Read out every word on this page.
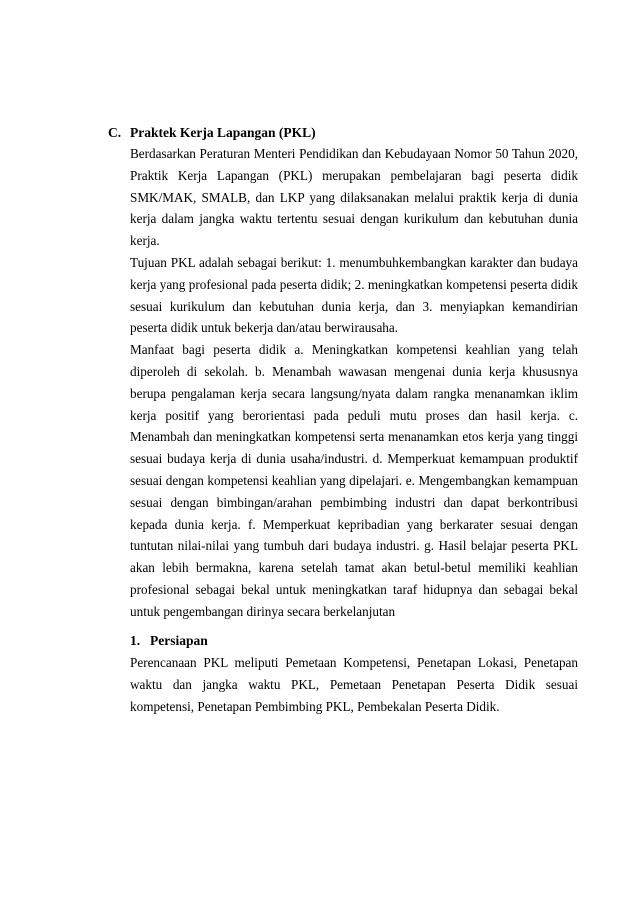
C. Praktek Kerja Lapangan (PKL)

Berdasarkan Peraturan Menteri Pendidikan dan Kebudayaan Nomor 50 Tahun 2020, Praktik Kerja Lapangan (PKL) merupakan pembelajaran bagi peserta didik SMK/MAK, SMALB, dan LKP yang dilaksanakan melalui praktik kerja di dunia kerja dalam jangka waktu tertentu sesuai dengan kurikulum dan kebutuhan dunia kerja.

Tujuan PKL adalah sebagai berikut: 1. menumbuhkembangkan karakter dan budaya kerja yang profesional pada peserta didik; 2. meningkatkan kompetensi peserta didik sesuai kurikulum dan kebutuhan dunia kerja, dan 3. menyiapkan kemandirian peserta didik untuk bekerja dan/atau berwirausaha.

Manfaat bagi peserta didik a. Meningkatkan kompetensi keahlian yang telah diperoleh di sekolah. b. Menambah wawasan mengenai dunia kerja khususnya berupa pengalaman kerja secara langsung/nyata dalam rangka menanamkan iklim kerja positif yang berorientasi pada peduli mutu proses dan hasil kerja. c. Menambah dan meningkatkan kompetensi serta menanamkan etos kerja yang tinggi sesuai budaya kerja di dunia usaha/industri. d. Memperkuat kemampuan produktif sesuai dengan kompetensi keahlian yang dipelajari. e. Mengembangkan kemampuan sesuai dengan bimbingan/arahan pembimbing industri dan dapat berkontribusi kepada dunia kerja. f. Memperkuat kepribadian yang berkarater sesuai dengan tuntutan nilai-nilai yang tumbuh dari budaya industri. g. Hasil belajar peserta PKL akan lebih bermakna, karena setelah tamat akan betul-betul memiliki keahlian profesional sebagai bekal untuk meningkatkan taraf hidupnya dan sebagai bekal untuk pengembangan dirinya secara berkelanjutan

1. Persiapan

Perencanaan PKL meliputi Pemetaan Kompetensi, Penetapan Lokasi, Penetapan waktu dan jangka waktu PKL, Pemetaan Penetapan Peserta Didik sesuai kompetensi, Penetapan Pembimbing PKL, Pembekalan Peserta Didik.
